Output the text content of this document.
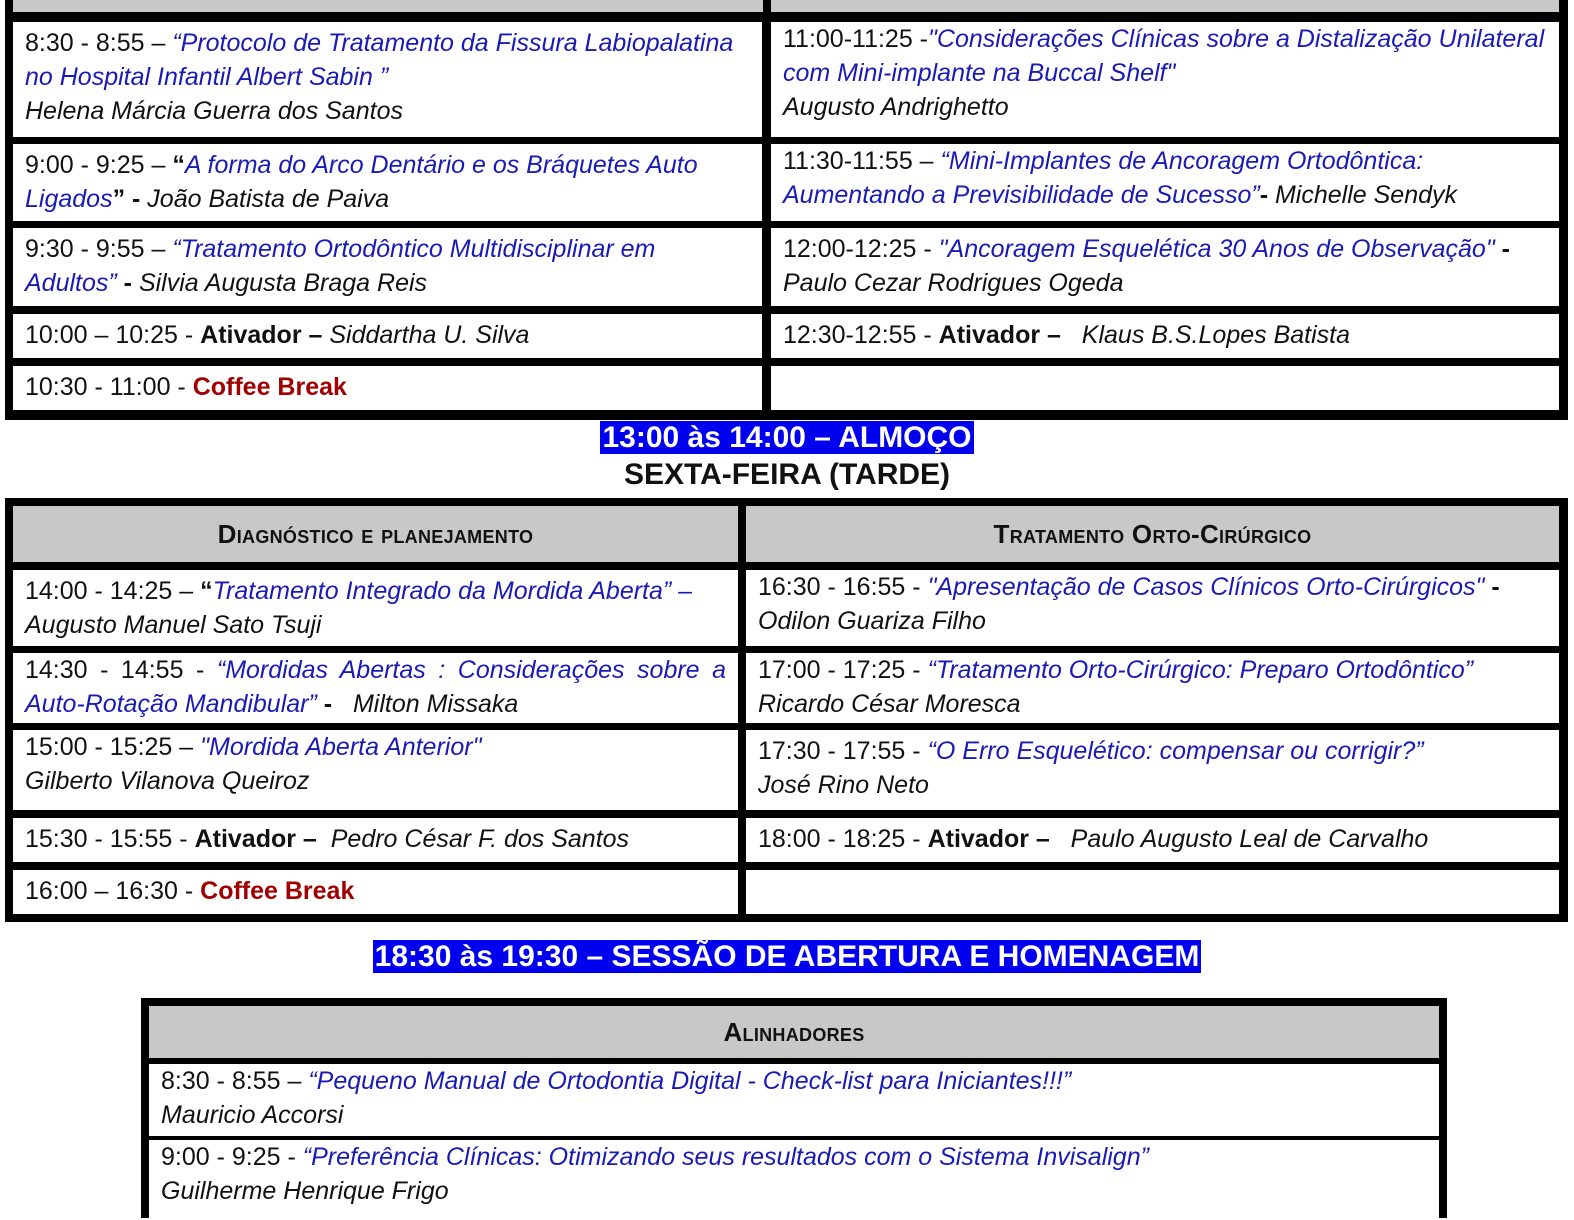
8:30 - 8:55 – “Protocolo de Tratamento da Fissura Labiopalatina no Hospital Infantil Albert Sabin ”
Helena Márcia Guerra dos Santos
9:00 - 9:25 – “A forma do Arco Dentário e os Bráquetes Auto Ligados” - João Batista de Paiva
9:30 - 9:55 – “Tratamento Ortodôntico Multidisciplinar em Adultos” - Silvia Augusta Braga Reis
10:00 – 10:25 - Ativador – Siddartha U. Silva
10:30 - 11:00 - Coffee Break
11:00-11:25 -"Considerações Clínicas sobre a Distalização Unilateral com Mini-implante na Buccal Shelf"
Augusto Andrighetto
11:30-11:55 – “Mini-Implantes de Ancoragem Ortodôntica: Aumentando a Previsibilidade de Sucesso”- Michelle Sendyk
12:00-12:25 - "Ancoragem Esquelética 30 Anos de Observação" - Paulo Cezar Rodrigues Ogeda
12:30-12:55 - Ativador – Klaus B.S.Lopes Batista
13:00 às 14:00 – ALMOÇO
SEXTA-FEIRA (TARDE)
Diagnóstico e planejamento	Tratamento Orto-Cirúrgico
14:00 - 14:25 – “Tratamento Integrado da Mordida Aberta” – Augusto Manuel Sato Tsuji
14:30 - 14:55 - “Mordidas Abertas : Considerações sobre a Auto-Rotação Mandibular” -   Milton Missaka
15:00 - 15:25 – "Mordida Aberta Anterior"
Gilberto Vilanova Queiroz
15:30 - 15:55 - Ativador – Pedro César F. dos Santos
16:00 – 16:30 - Coffee Break
16:30 - 16:55 - "Apresentação de Casos Clínicos Orto-Cirúrgicos" - Odilon Guariza Filho
17:00 - 17:25 - “Tratamento Orto-Cirúrgico: Preparo Ortodôntico”
Ricardo César Moresca
17:30 - 17:55 - “O Erro Esquelético: compensar ou corrigir?”
José Rino Neto
18:00 - 18:25 - Ativador – Paulo Augusto Leal de Carvalho
18:30 às 19:30 – SESSÃO DE ABERTURA E HOMENAGEM
Alinhadores
8:30 - 8:55 – “Pequeno Manual de Ortodontia Digital - Check-list para Iniciantes!!!”
Mauricio Accorsi
9:00 - 9:25 - “Preferência Clínicas: Otimizando seus resultados com o Sistema Invisalign”
Guilherme Henrique Frigo
